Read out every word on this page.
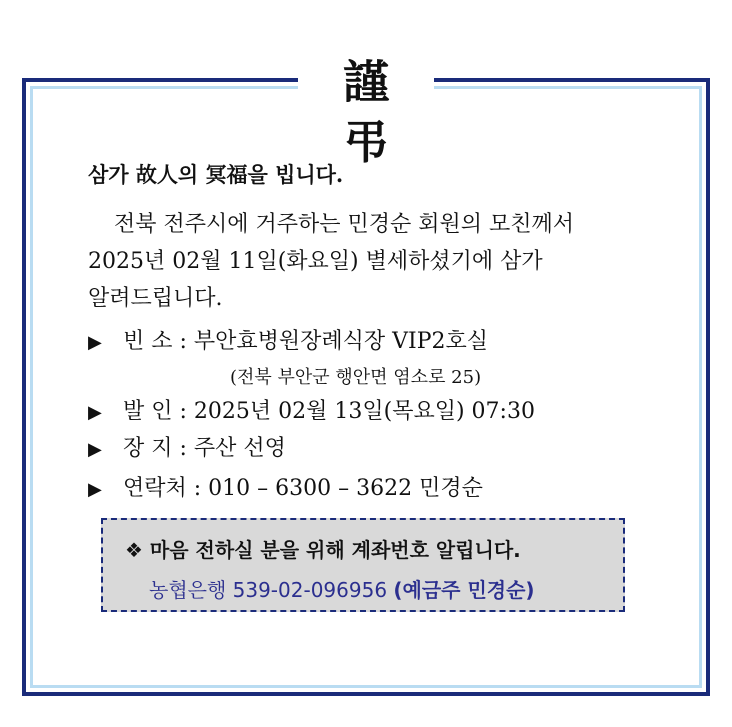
謹 弔
삼가 故人의 冥福을 빕니다.
전북 전주시에 거주하는 민경순 회원의 모친께서
2025년 02월 11일(화요일) 별세하셨기에 삼가
알려드립니다.
▶ 빈 소 : 부안효병원장례식장 VIP2호실
(전북 부안군 행안면 염소로 25)
▶ 발 인 : 2025년 02월 13일(목요일) 07:30
▶ 장 지 : 주산 선영
▶ 연락처 : 010 – 6300 – 3622 민경순
❖ 마음 전하실 분을 위해 계좌번호 알립니다.
농협은행 539-02-096956 (예금주 민경순)
